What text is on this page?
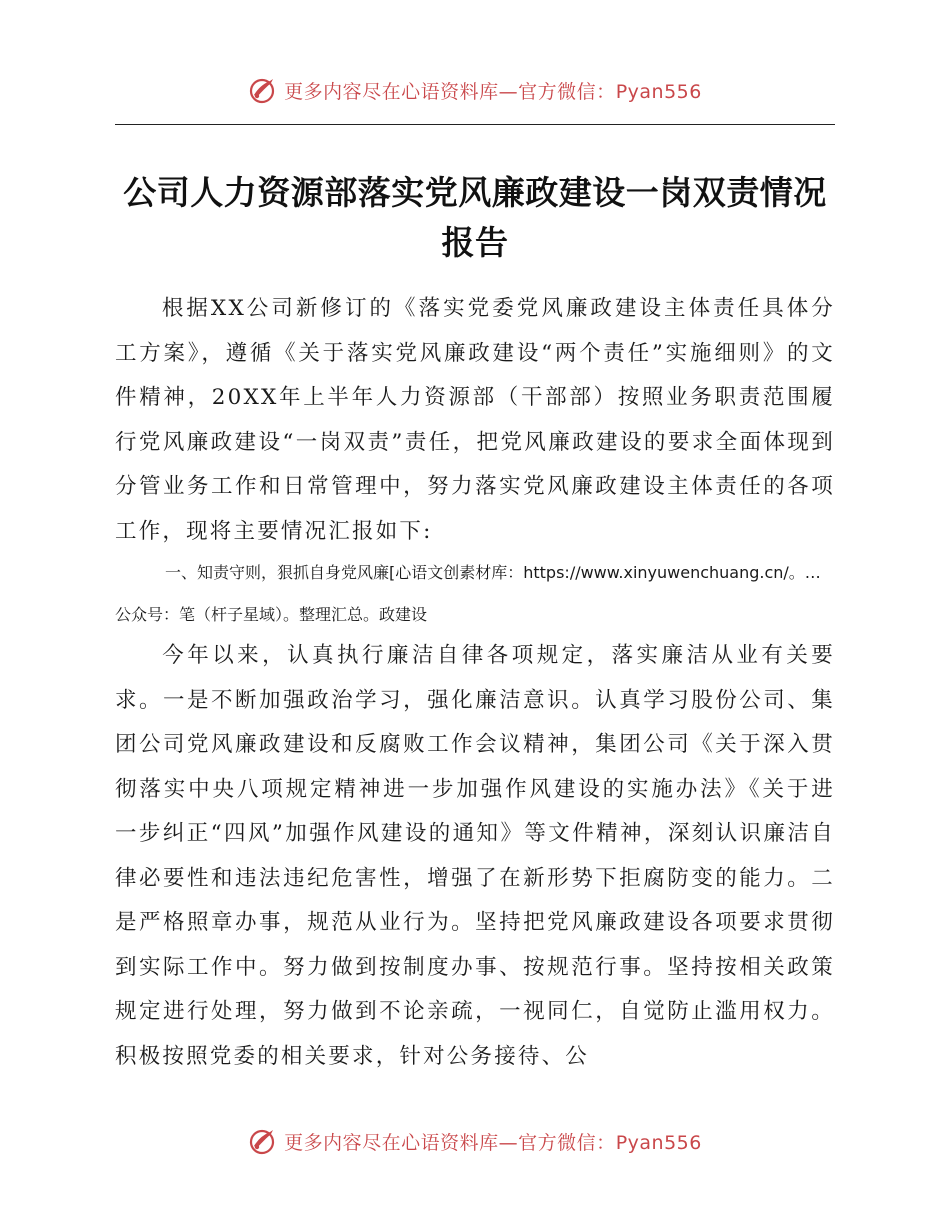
更多内容尽在心语资料库—官方微信：Pyan556
公司人力资源部落实党风廉政建设一岗双责情况报告

根据XX公司新修订的《落实党委党风廉政建设主体责任具体分工方案》，遵循《关于落实党风廉政建设“两个责任”实施细则》的文件精神，20XX年上半年人力资源部（干部部）按照业务职责范围履行党风廉政建设“一岗双责”责任，把党风廉政建设的要求全面体现到分管业务工作和日常管理中，努力落实党风廉政建设主体责任的各项工作，现将主要情况汇报如下:

一、知责守则，狠抓自身党风廉[心语文创素材库：https://www.xinyuwenchuang.cn/。…公众号：笔（杆子星域）。整理汇总。政建设

今年以来，认真执行廉洁自律各项规定，落实廉洁从业有关要求。一是不断加强政治学习，强化廉洁意识。认真学习股份公司、集团公司党风廉政建设和反腐败工作会议精神，集团公司《关于深入贯彻落实中央八项规定精神进一步加强作风建设的实施办法》《关于进一步纠正“四风”加强作风建设的通知》等文件精神，深刻认识廉洁自律必要性和违法违纪危害性，增强了在新形势下拒腐防变的能力。二是严格照章办事，规范从业行为。坚持把党风廉政建设各项要求贯彻到实际工作中。努力做到按制度办事、按规范行事。坚持按相关政策规定进行处理，努力做到不论亲疏，一视同仁，自觉防止滥用权力。积极按照党委的相关要求，针对公务接待、公

更多内容尽在心语资料库—官方微信：Pyan556
